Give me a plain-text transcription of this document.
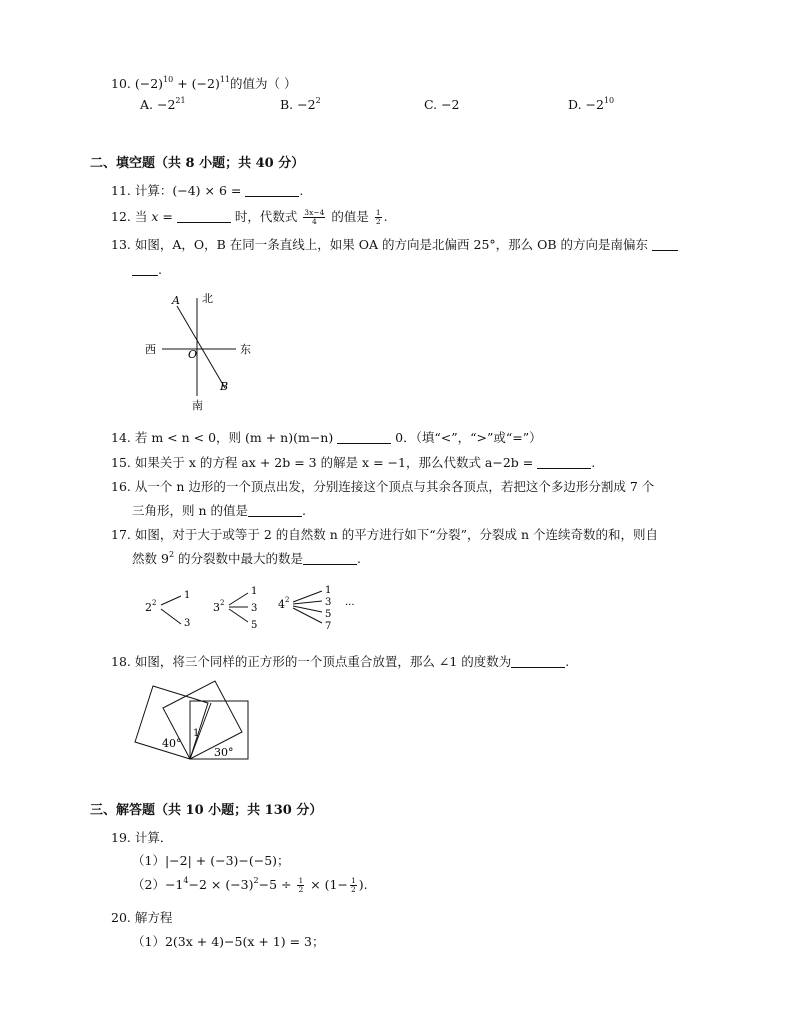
10. $(-2)^{10} + (-2)^{11}$的值为（ ）
A. $-2^{21}$	B. $-2^2$	C. −2	D. $-2^{10}$
二、填空题（共 8 小题；共 40 分）
11. 计算：(−4) × 6 =	.
12. 当 x =	时，代数式 $\frac{3x-4}{4}$ 的值是 $\frac{1}{2}$ .
13. 如图，A，O，B 在同一条直线上，如果 OA 的方向是北偏西 25°，那么 OB 的方向是南偏东
.
北
南
东
西
A
O
B
14. 若 m < n < 0，则 (m + n)(m−n)	0．（填“<”，“>”或“=”）
15. 如果关于 x 的方程 ax + 2b = 3 的解是 x = −1，那么代数式 a−2b =	.
16. 从一个 n 边形的一个顶点出发，分别连接这个顶点与其余各顶点，若把这个多边形分割成 7 个
三角形，则 n 的值是	.
17. 如图，对于大于或等于 2 的自然数 n 的平方进行如下“分裂”，分裂成 n 个连续奇数的和，则自
然数 $9^2$ 的分裂数中最大的数是	.
2 2
1
3
3 2
1
3
5
4 2
1
3
5
7
···
18. 如图，将三个同样的正方形的一个顶点重合放置，那么 ∠1 的度数为	.
40°
30°
1
三、解答题（共 10 小题；共 130 分）
19. 计算．
（1）|−2| + (−3)−(−5)；
$(2)-1^4-2 \times (-3)^2-5 \div \frac{1}{2} \times (1- \frac{1}{2}$ ).
20. 解方程
（1）2(3x + 4)−5(x + 1) = 3；
